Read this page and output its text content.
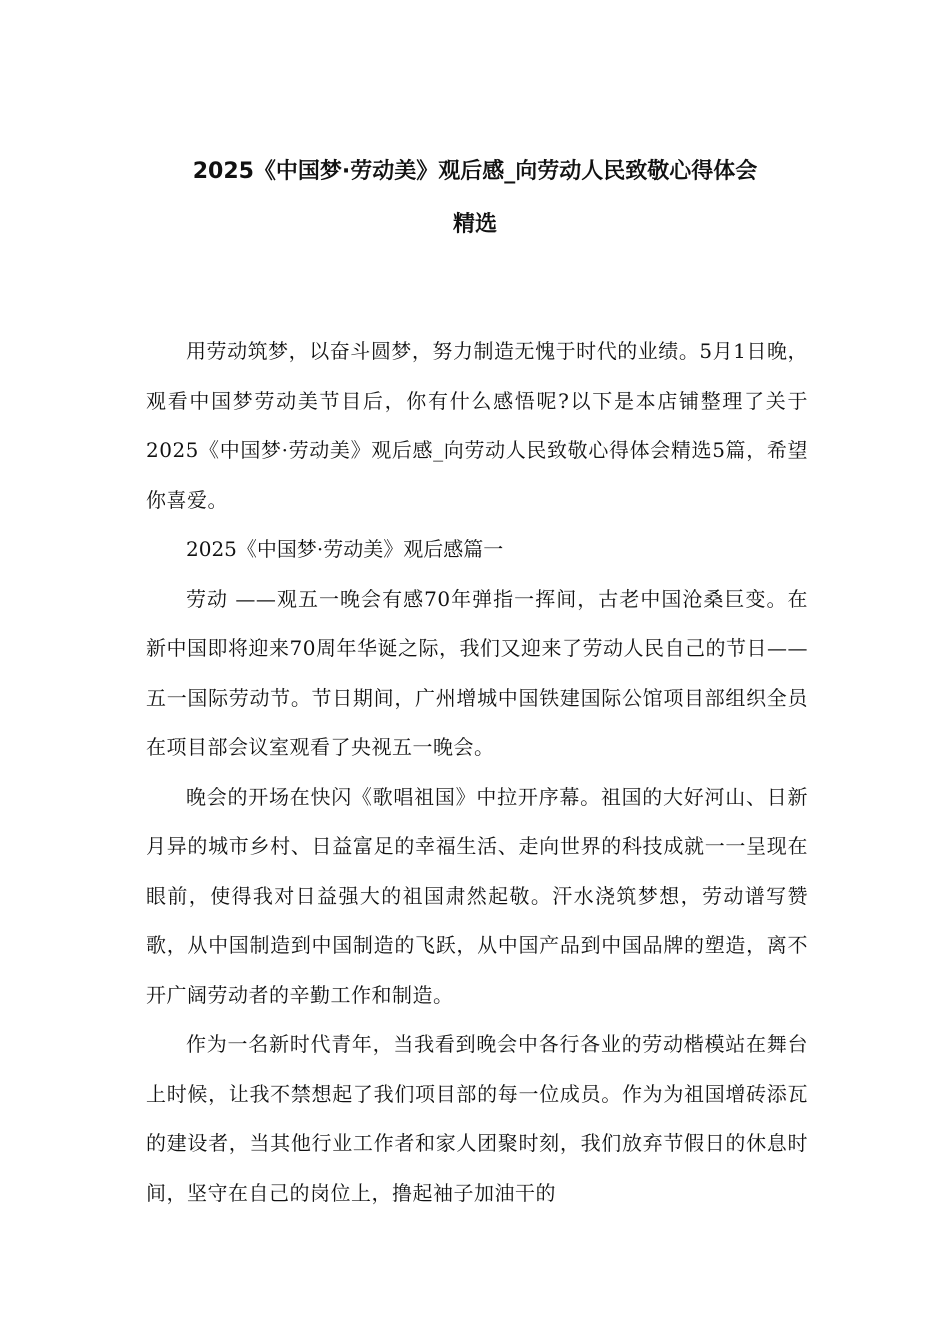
2025《中国梦·劳动美》观后感_向劳动人民致敬心得体会
精选

用劳动筑梦，以奋斗圆梦，努力制造无愧于时代的业绩。5月1日晚，观看中国梦劳动美节目后，你有什么感悟呢?以下是本店铺整理了关于2025《中国梦·劳动美》观后感_向劳动人民致敬心得体会精选5篇，希望你喜爱。

2025《中国梦·劳动美》观后感篇一

劳动 ——观五一晚会有感70年弹指一挥间，古老中国沧桑巨变。在新中国即将迎来70周年华诞之际，我们又迎来了劳动人民自己的节日——五一国际劳动节。节日期间，广州增城中国铁建国际公馆项目部组织全员在项目部会议室观看了央视五一晚会。

晚会的开场在快闪《歌唱祖国》中拉开序幕。祖国的大好河山、日新月异的城市乡村、日益富足的幸福生活、走向世界的科技成就一一呈现在眼前，使得我对日益强大的祖国肃然起敬。汗水浇筑梦想，劳动谱写赞歌，从中国制造到中国制造的飞跃，从中国产品到中国品牌的塑造，离不开广阔劳动者的辛勤工作和制造。

作为一名新时代青年，当我看到晚会中各行各业的劳动楷模站在舞台上时候，让我不禁想起了我们项目部的每一位成员。作为为祖国增砖添瓦的建设者，当其他行业工作者和家人团聚时刻，我们放弃节假日的休息时间，坚守在自己的岗位上，撸起袖子加油干的
